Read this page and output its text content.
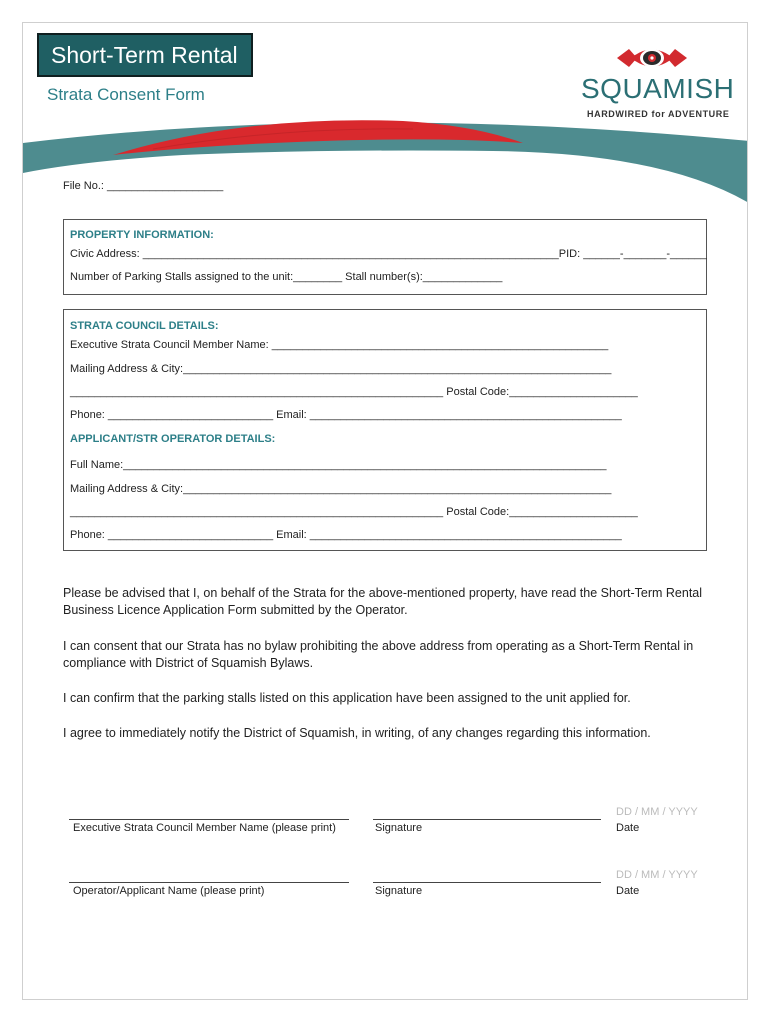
Short-Term Rental
Strata Consent Form	SQUAMISH
HARDWIRED for ADVENTURE
File No.: ___________________
PROPERTY INFORMATION:
Civic Address: ____________________________________________________________________PID: ______-_______-______
Number of Parking Stalls assigned to the unit:________ Stall number(s):_____________
STRATA COUNCIL DETAILS:
Executive Strata Council Member Name: _______________________________________________________
Mailing Address & City:______________________________________________________________________
_____________________________________________________________ Postal Code:_____________________
Phone: ___________________________ Email: ___________________________________________________
APPLICANT/STR OPERATOR DETAILS:
Full Name:_______________________________________________________________________________
Mailing Address & City:______________________________________________________________________
_____________________________________________________________ Postal Code:_____________________
Phone: ___________________________ Email: ___________________________________________________
Please be advised that I, on behalf of the Strata for the above-mentioned property, have read the Short-Term Rental Business Licence Application Form submitted by the Operator.
I can consent that our Strata has no bylaw prohibiting the above address from operating as a Short-Term Rental in compliance with District of Squamish Bylaws.
I can confirm that the parking stalls listed on this application have been assigned to the unit applied for.
I agree to immediately notify the District of Squamish, in writing, of any changes regarding this information.
Executive Strata Council Member Name (please print)	Signature
DD / MM / YYYY
Date
Operator/Applicant Name (please print)	Signature
DD / MM / YYYY
Date
